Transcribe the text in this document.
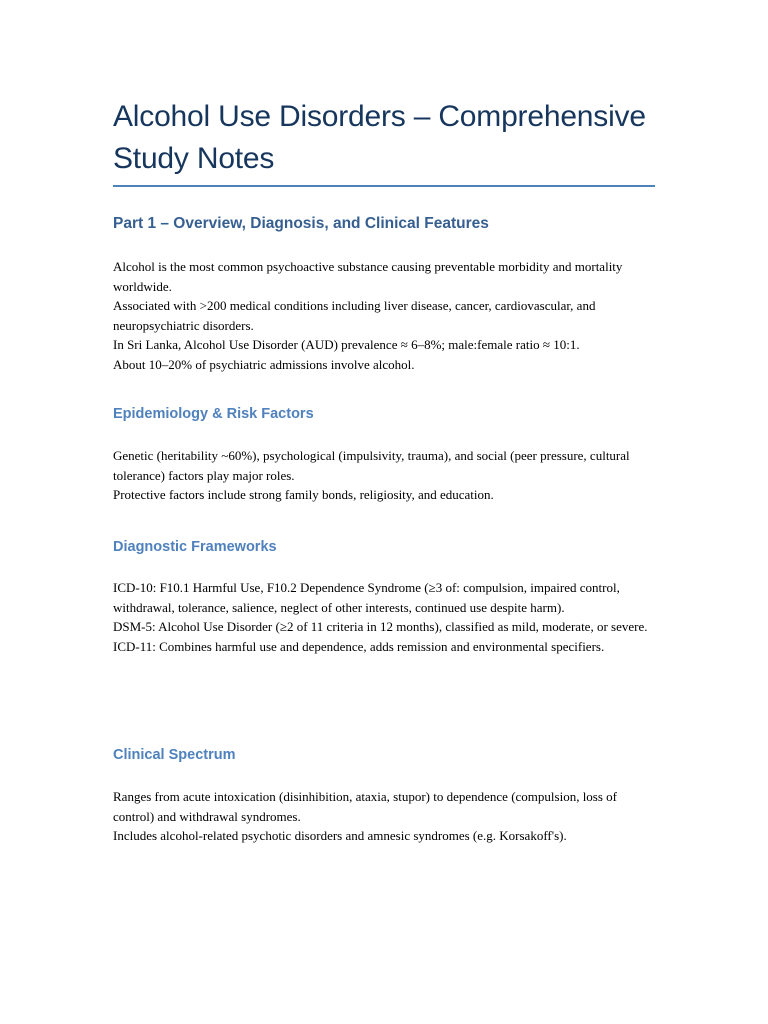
Alcohol Use Disorders – Comprehensive Study Notes
Part 1 – Overview, Diagnosis, and Clinical Features
Alcohol is the most common psychoactive substance causing preventable morbidity and mortality worldwide.
Associated with >200 medical conditions including liver disease, cancer, cardiovascular, and neuropsychiatric disorders.
In Sri Lanka, Alcohol Use Disorder (AUD) prevalence ≈ 6–8%; male:female ratio ≈ 10:1.
About 10–20% of psychiatric admissions involve alcohol.
Epidemiology & Risk Factors
Genetic (heritability ~60%), psychological (impulsivity, trauma), and social (peer pressure, cultural tolerance) factors play major roles.
Protective factors include strong family bonds, religiosity, and education.
Diagnostic Frameworks
ICD-10: F10.1 Harmful Use, F10.2 Dependence Syndrome (≥3 of: compulsion, impaired control, withdrawal, tolerance, salience, neglect of other interests, continued use despite harm).
DSM-5: Alcohol Use Disorder (≥2 of 11 criteria in 12 months), classified as mild, moderate, or severe.
ICD-11: Combines harmful use and dependence, adds remission and environmental specifiers.
Clinical Spectrum
Ranges from acute intoxication (disinhibition, ataxia, stupor) to dependence (compulsion, loss of control) and withdrawal syndromes.
Includes alcohol-related psychotic disorders and amnesic syndromes (e.g. Korsakoff's).
